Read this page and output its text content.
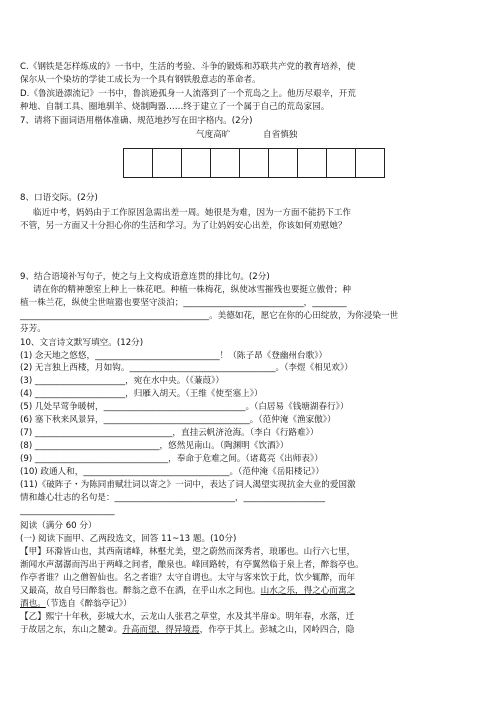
C.《钢铁是怎样炼成的》一书中，生活的考验、斗争的锻炼和苏联共产党的教育培养，使
保尔从一个染坊的学徒工成长为一个具有钢铁般意志的革命者。
D.《鲁滨逊漂流记》一书中，鲁滨逊孤身一人流落到了一个荒岛之上。他历尽艰辛，开荒
种地、自制工具、圈地驯羊、烧制陶器……终于建立了一个属于自己的荒岛家园。
7、请将下面词语用楷体准确、规范地抄写在田字格内。(2分)
气度高旷	自省慎独
8、口语交际。(2分)
临近中考，妈妈由于工作原因急需出差一周。她很是为难，因为一方面不能扔下工作
不管，另一方面又十分担心你的生活和学习。为了让妈妈安心出差，你该如何劝慰她？
9、结合语境补写句子，使之与上文构成语意连贯的排比句。(2分)
请在你的精神憩室上种上一株花吧。种植一株梅花，纵使冰雪摧残也要挺立傲骨；种
植一株兰花，纵使尘世喧嚣也要坚守淡泊；____________________________，________
____________________________________________。美德如花，愿它在你的心田绽放，为你浸染一世
芬芳。
10、文言诗文默写填空。(12分)
(1) 念天地之悠悠，_____________________________！（陈子昂《登幽州台歌》）
(2) 无言独上西楼，月如钩。__________________________________。（李煜《相见欢》）
(3) _____________________，宛在水中央。（《蒹葭》）
(4) _____________________，归雁入胡天。（王维《使至塞上》）
(5) 几处早莺争暖树，_________________________________。（白居易《钱塘湖春行》）
(6) 塞下秋来风景异，__________________________________。（范仲淹《渔家傲》）
(7) ________________________________，直挂云帆济沧海。（李白《行路难》）
(8) _____________________________，悠然见南山。（陶渊明《饮酒》）
(9) _______________________________，奉命于危难之间。（诸葛亮《出师表》）
(10) 政通人和，__________________________________。（范仲淹《岳阳楼记》）
(11)《破阵子・为陈同甫赋壮词以寄之》一词中，表达了词人渴望实现抗金大业的爱国激
情和雄心壮志的名句是：____________________________，___________________
______________________
阅读（满分 60 分）
(一) 阅读下面甲、乙两段选文，回答 11~13 题。(10分)
【甲】环滁皆山也，其西南诸峰，林壑尤美，望之蔚然而深秀者，琅琊也。山行六七里，
渐闻水声潺潺而泻出于两峰之间者，酿泉也。峰回路转，有亭翼然临于泉上者，醉翁亭也。
作亭者谁？山之僧智仙也。名之者谁？太守自谓也。太守与客来饮于此，饮少辄醉，而年
又最高，故自号曰醉翁也。醉翁之意不在酒，在乎山水之间也。山水之乐，得之心而寓之
酒也。（节选自《醉翁亭记》）
【乙】熙宁十年秋，彭城大水，云龙山人张君之草堂，水及其半扉①。明年春，水落，迁
于故居之东，东山之麓②。升高而望，得异境焉，作亭于其上。彭城之山，冈岭四合，隐
